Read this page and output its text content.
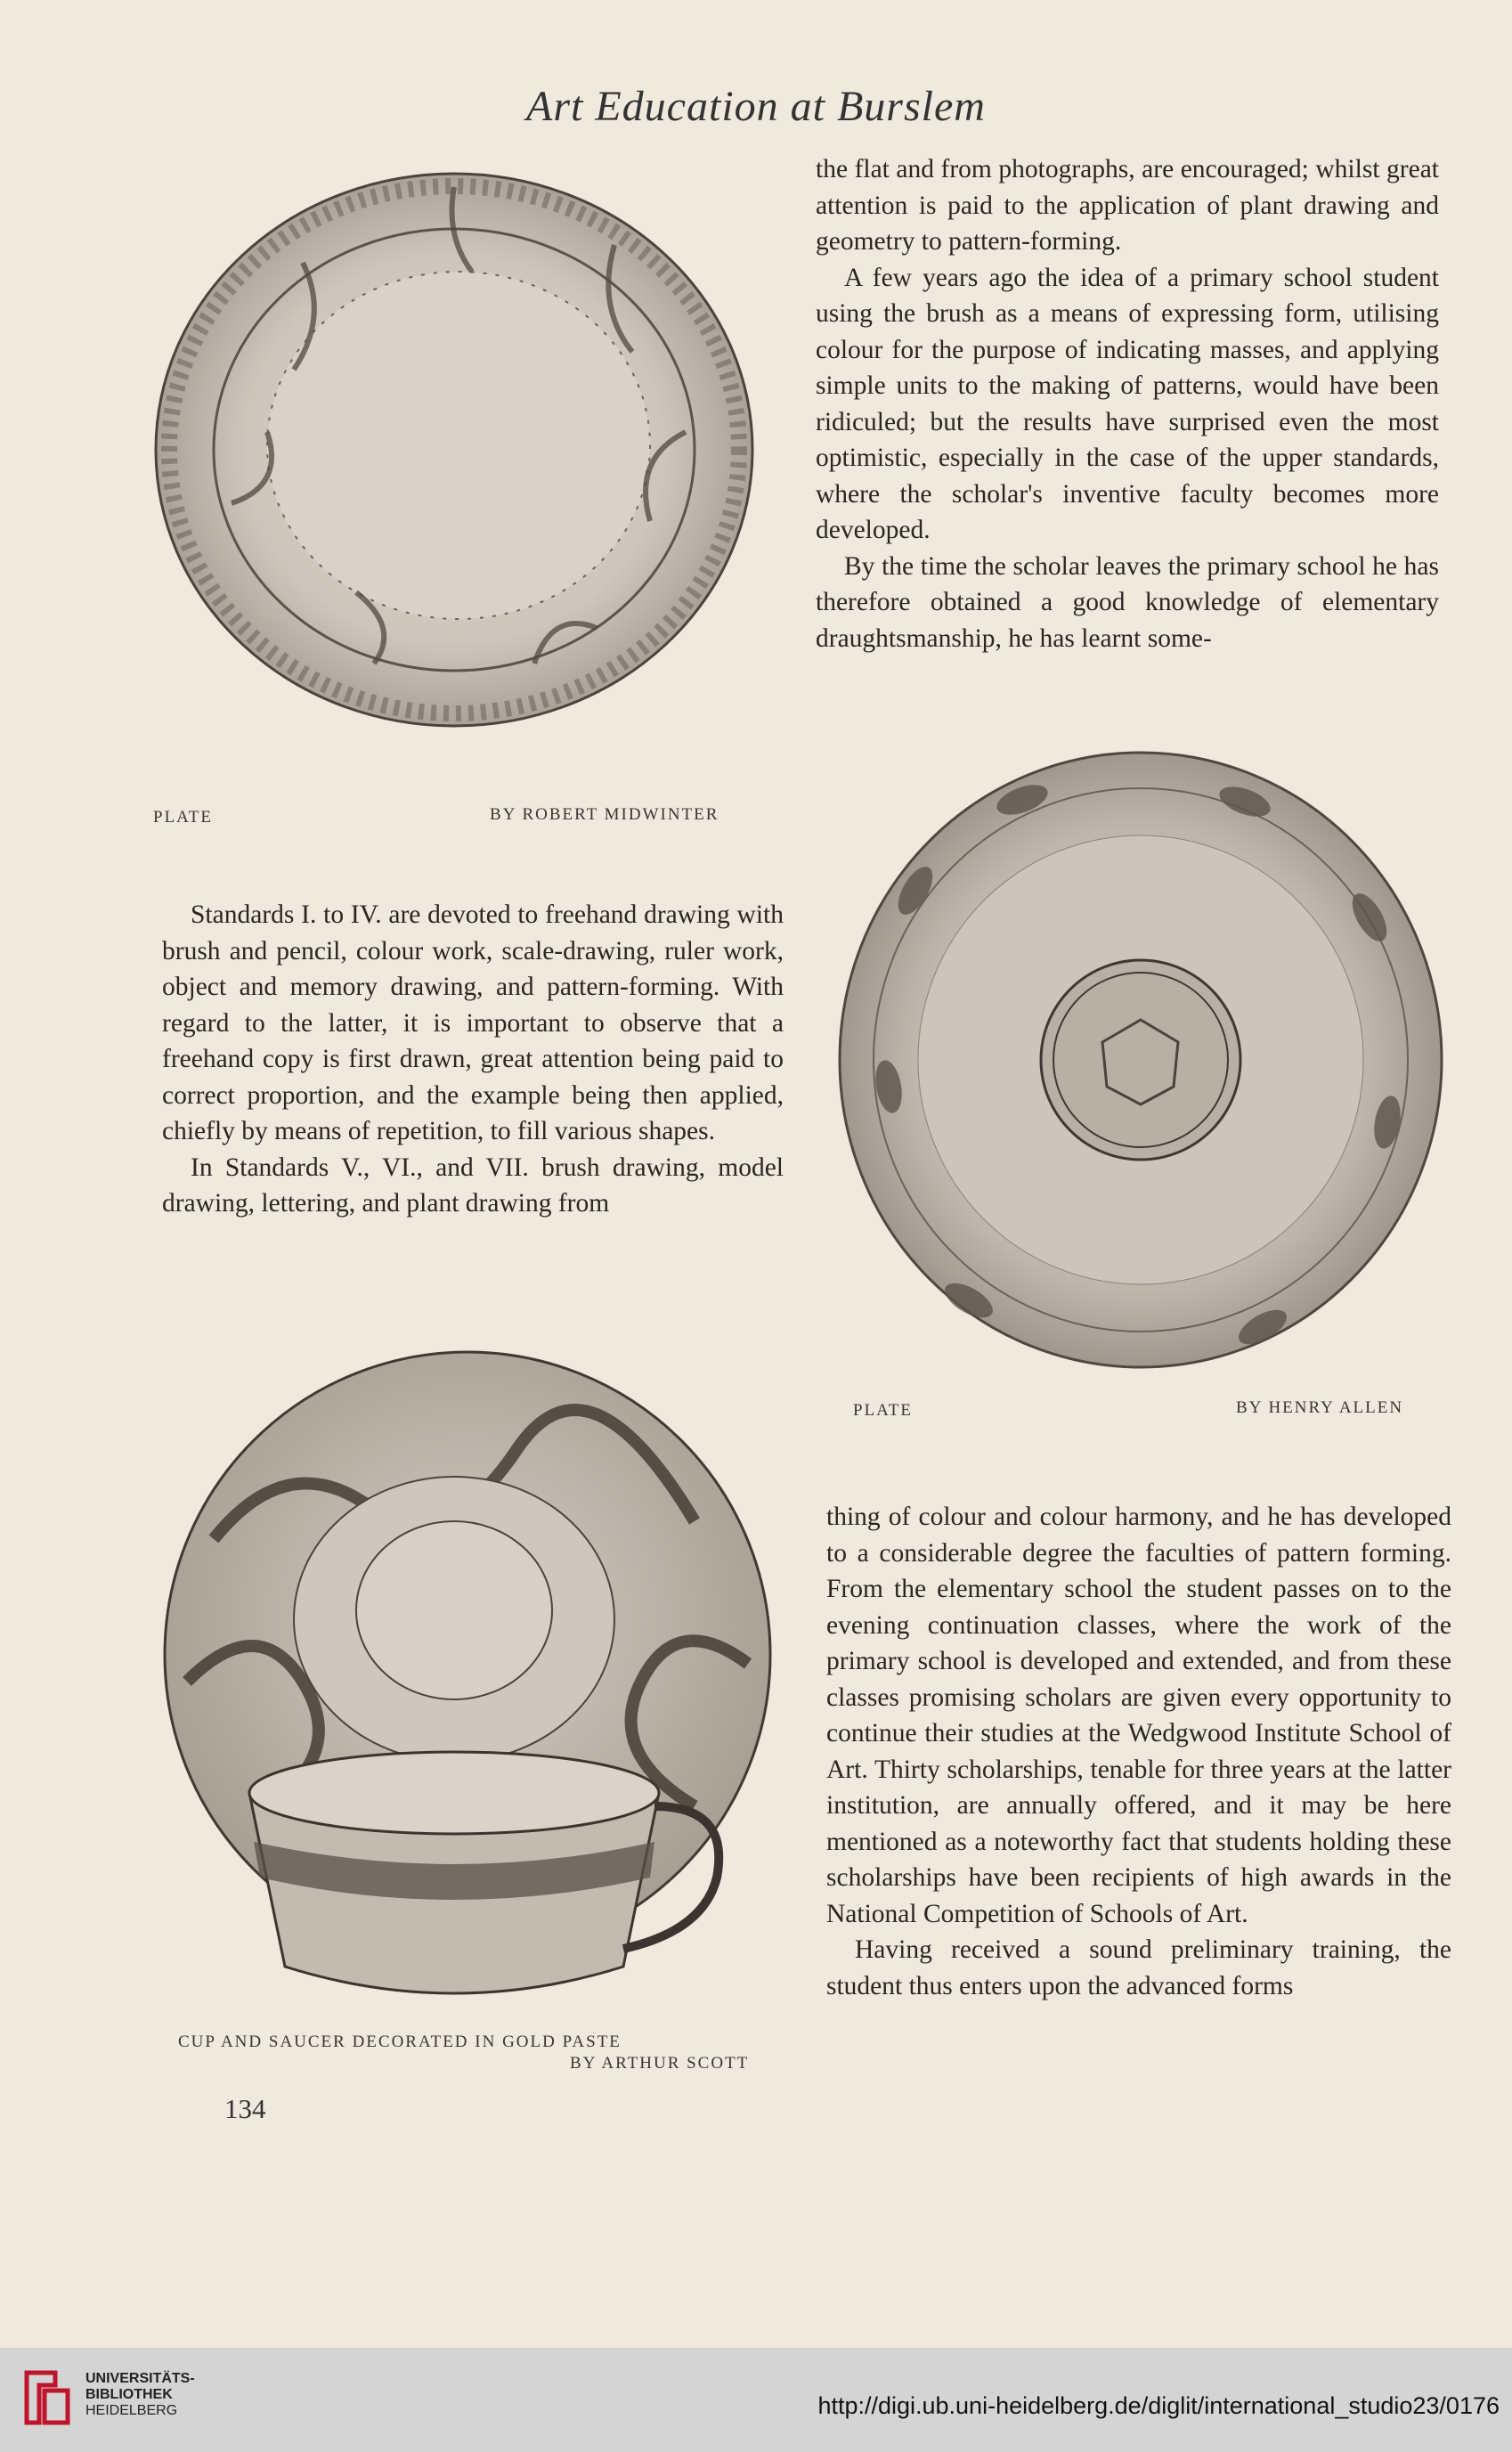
Art Education at Burslem
PLATE	BY ROBERT MIDWINTER

the flat and from photographs, are encouraged; whilst great attention is paid to the application of plant drawing and geometry to pattern-forming.

A few years ago the idea of a primary school student using the brush as a means of expressing form, utilising colour for the purpose of indicating masses, and applying simple units to the making of patterns, would have been ridiculed; but the results have surprised even the most optimistic, especially in the case of the upper standards, where the scholar's inventive faculty becomes more developed.

By the time the scholar leaves the primary school he has therefore obtained a good knowledge of elementary draughtsmanship, he has learnt some-

PLATE	BY HENRY ALLEN

Standards I. to IV. are devoted to freehand drawing with brush and pencil, colour work, scale-drawing, ruler work, object and memory drawing, and pattern-forming. With regard to the latter, it is important to observe that a freehand copy is first drawn, great attention being paid to correct proportion, and the example being then applied, chiefly by means of repetition, to fill various shapes.

In Standards V., VI., and VII. brush drawing, model drawing, lettering, and plant drawing from

CUP AND SAUCER DECORATED IN GOLD PASTE
BY ARTHUR SCOTT

thing of colour and colour harmony, and he has developed to a considerable degree the faculties of pattern forming. From the elementary school the student passes on to the evening continuation classes, where the work of the primary school is developed and extended, and from these classes promising scholars are given every opportunity to continue their studies at the Wedgwood Institute School of Art. Thirty scholarships, tenable for three years at the latter institution, are annually offered, and it may be here mentioned as a noteworthy fact that students holding these scholarships have been recipients of high awards in the National Competition of Schools of Art.

Having received a sound preliminary training, the student thus enters upon the advanced forms

134
UNIVERSITÄTS-
BIBLIOTHEK
HEIDELBERG	http://digi.ub.uni-heidelberg.de/diglit/international_studio23/0176
